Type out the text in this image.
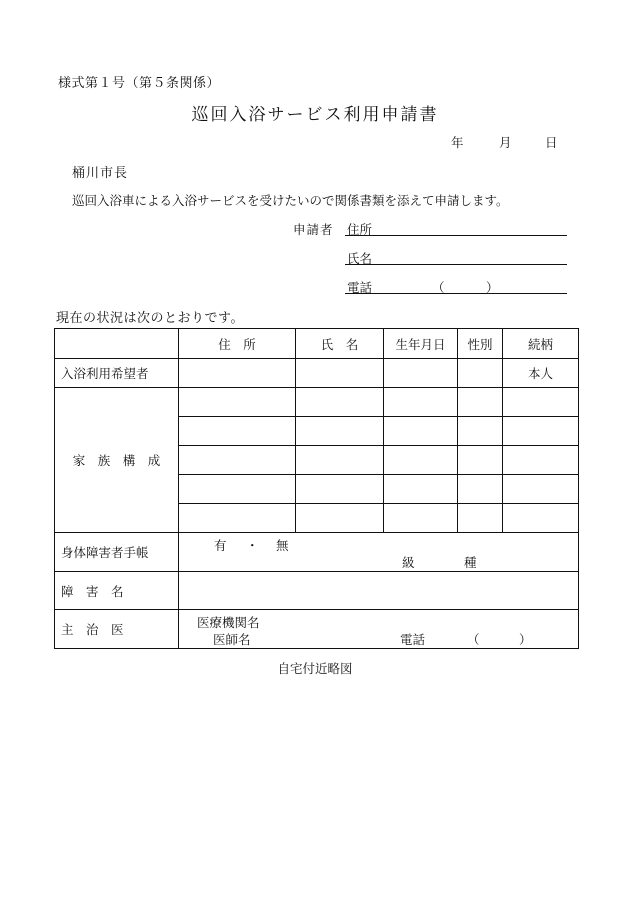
様式第１号（第５条関係）
巡回入浴サービス利用申請書
年	月	日
桶川市長
巡回入浴車による入浴サービスを受けたいので関係書類を添えて申請します。
申請者 住所
氏名
電話	（	）
現在の状況は次のとおりです。
	住　所	氏　名	生年月日	性別	続柄
入浴利用希望者					本人
家　族　構　成					

身体障害者手帳	有 ・ 無
級 種				

障　害　名					
主　治　医	医療機関名
医師名 電話 （ ）				
自宅付近略図
